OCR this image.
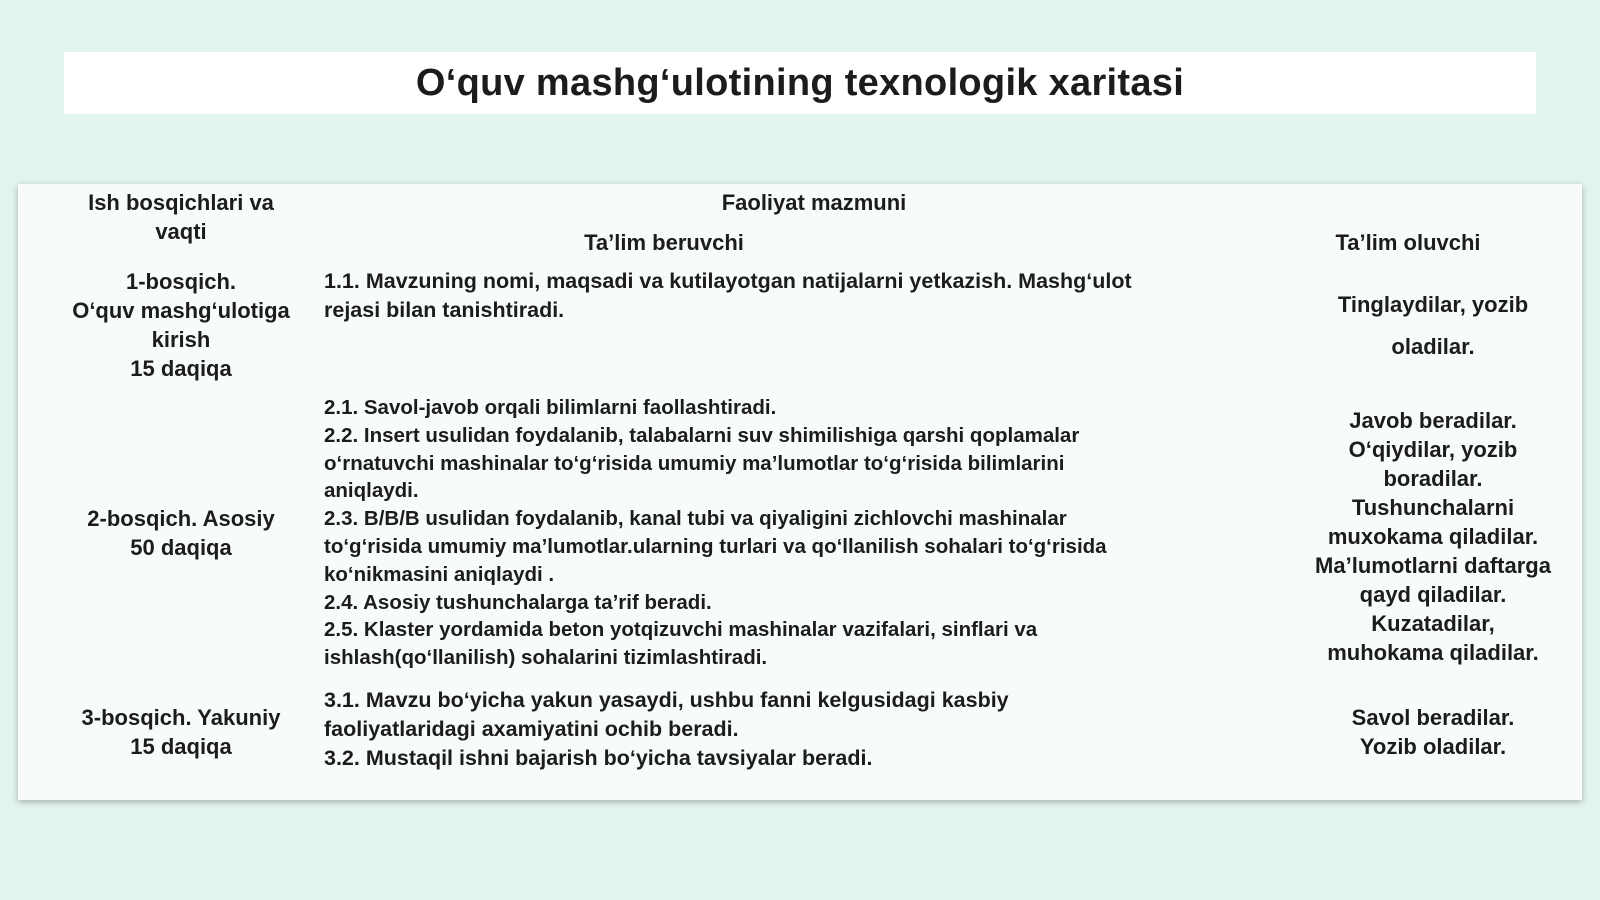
O‘quv mashg‘ulotining texnologik xaritasi
Ish bosqichlari va
vaqti
Faoliyat mazmuni
Ta’lim beruvchi	Ta’lim oluvchi
1-bosqich.
O‘quv mashg‘ulotiga
kirish
15 daqiqa
1.1. Mavzuning nomi, maqsadi va kutilayotgan natijalarni yetkazish. Mashg‘ulot
rejasi bilan tanishtiradi.	Tinglaydilar, yozib
oladilar.
2-bosqich. Asosiy
50 daqiqa
2.1. Savol-javob orqali bilimlarni faollashtiradi.
2.2. Insert usulidan foydalanib, talabalarni suv shimilishiga qarshi qoplamalar
o‘rnatuvchi mashinalar to‘g‘risida umumiy ma’lumotlar to‘g‘risida bilimlarini
aniqlaydi.
2.3. B/B/B usulidan foydalanib, kanal tubi va qiyaligini zichlovchi mashinalar
to‘g‘risida umumiy ma’lumotlar.ularning turlari va qo‘llanilish sohalari to‘g‘risida
ko‘nikmasini aniqlaydi .
2.4. Asosiy tushunchalarga ta’rif beradi.
2.5. Klaster yordamida beton yotqizuvchi mashinalar vazifalari, sinflari va
ishlash(qo‘llanilish) sohalarini tizimlashtiradi.
Javob beradilar.
O‘qiydilar, yozib
boradilar.
Tushunchalarni
muxokama qiladilar.
Ma’lumotlarni daftarga
qayd qiladilar.
Kuzatadilar,
muhokama qiladilar.
3-bosqich. Yakuniy
15 daqiqa
3.1. Mavzu bo‘yicha yakun yasaydi, ushbu fanni kelgusidagi kasbiy
faoliyatlaridagi axamiyatini ochib beradi.
3.2. Mustaqil ishni bajarish bo‘yicha tavsiyalar beradi.
Savol beradilar.
Yozib oladilar.
